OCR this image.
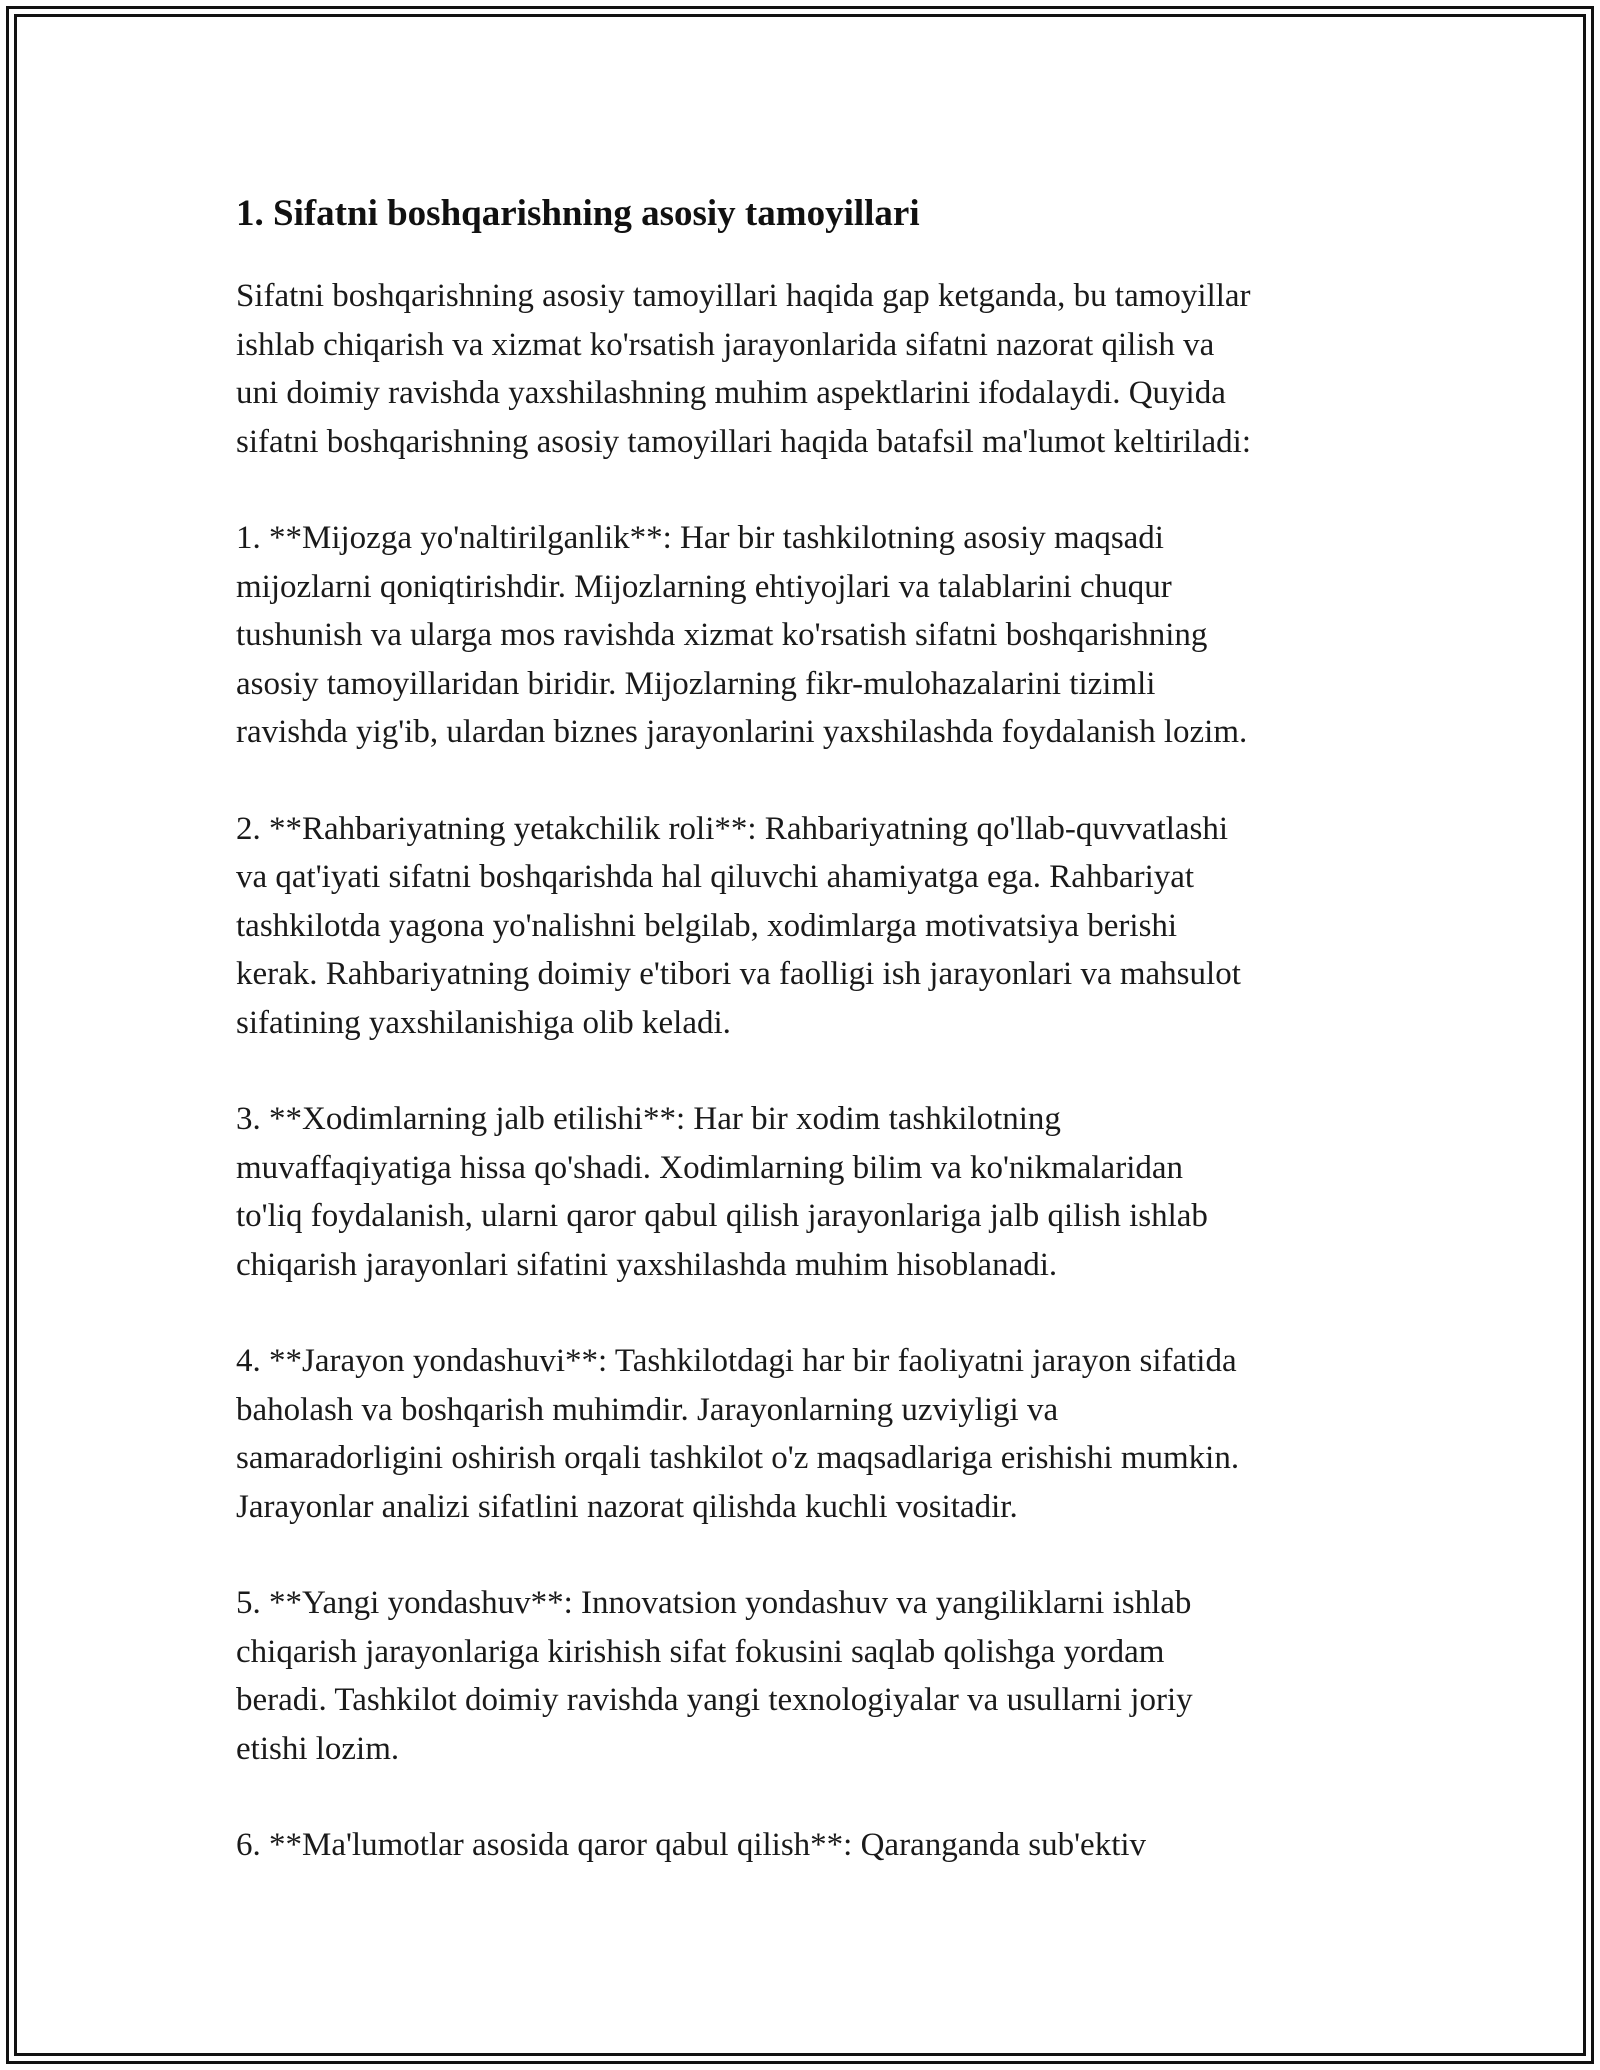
1. Sifatni boshqarishning asosiy tamoyillari

Sifatni boshqarishning asosiy tamoyillari haqida gap ketganda, bu tamoyillar
ishlab chiqarish va xizmat ko'rsatish jarayonlarida sifatni nazorat qilish va
uni doimiy ravishda yaxshilashning muhim aspektlarini ifodalaydi. Quyida
sifatni boshqarishning asosiy tamoyillari haqida batafsil ma'lumot keltiriladi:

1. **Mijozga yo'naltirilganlik**: Har bir tashkilotning asosiy maqsadi
mijozlarni qoniqtirishdir. Mijozlarning ehtiyojlari va talablarini chuqur
tushunish va ularga mos ravishda xizmat ko'rsatish sifatni boshqarishning
asosiy tamoyillaridan biridir. Mijozlarning fikr-mulohazalarini tizimli
ravishda yig'ib, ulardan biznes jarayonlarini yaxshilashda foydalanish lozim.

2. **Rahbariyatning yetakchilik roli**: Rahbariyatning qo'llab-quvvatlashi
va qat'iyati sifatni boshqarishda hal qiluvchi ahamiyatga ega. Rahbariyat
tashkilotda yagona yo'nalishni belgilab, xodimlarga motivatsiya berishi
kerak. Rahbariyatning doimiy e'tibori va faolligi ish jarayonlari va mahsulot
sifatining yaxshilanishiga olib keladi.

3. **Xodimlarning jalb etilishi**: Har bir xodim tashkilotning
muvaffaqiyatiga hissa qo'shadi. Xodimlarning bilim va ko'nikmalaridan
to'liq foydalanish, ularni qaror qabul qilish jarayonlariga jalb qilish ishlab
chiqarish jarayonlari sifatini yaxshilashda muhim hisoblanadi.

4. **Jarayon yondashuvi**: Tashkilotdagi har bir faoliyatni jarayon sifatida
baholash va boshqarish muhimdir. Jarayonlarning uzviyligi va
samaradorligini oshirish orqali tashkilot o'z maqsadlariga erishishi mumkin.
Jarayonlar analizi sifatlini nazorat qilishda kuchli vositadir.

5. **Yangi yondashuv**: Innovatsion yondashuv va yangiliklarni ishlab
chiqarish jarayonlariga kirishish sifat fokusini saqlab qolishga yordam
beradi. Tashkilot doimiy ravishda yangi texnologiyalar va usullarni joriy
etishi lozim.

6. **Ma'lumotlar asosida qaror qabul qilish**: Qaranganda sub'ektiv
